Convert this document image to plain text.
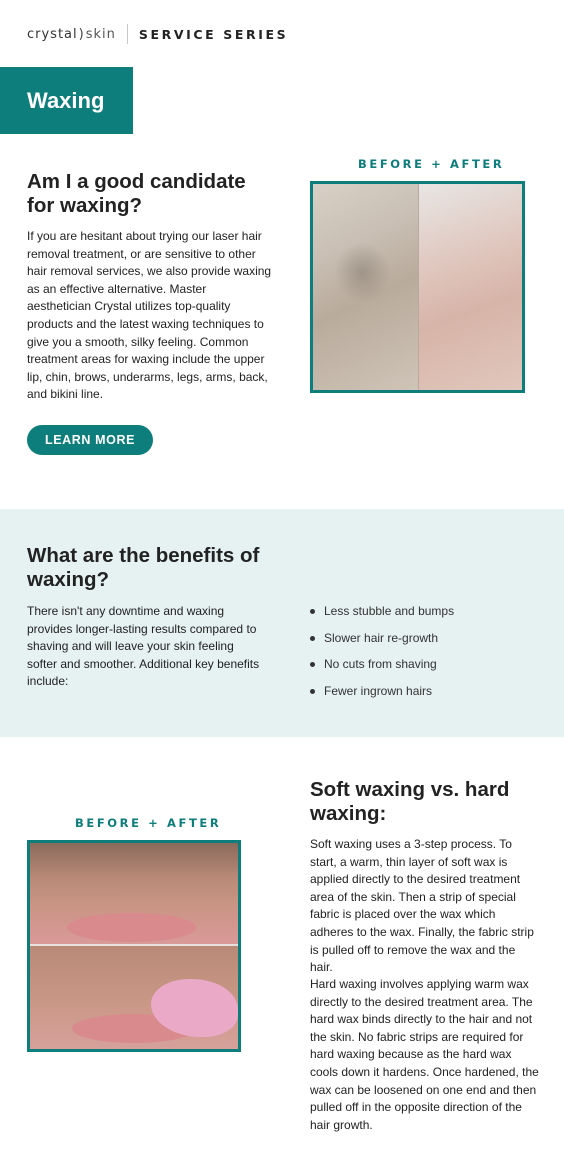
crystal)skin SERVICE SERIES
Waxing
Am I a good candidate for waxing?

If you are hesitant about trying our laser hair removal treatment, or are sensitive to other hair removal services, we also provide waxing as an effective alternative. Master aesthetician Crystal utilizes top-quality products and the latest waxing techniques to give you a smooth, silky feeling. Common treatment areas for waxing include the upper lip, chin, brows, underarms, legs, arms, back, and bikini line.

LEARN MORE
BEFORE + AFTER
What are the benefits of waxing?

There isn't any downtime and waxing provides longer-lasting results compared to shaving and will leave your skin feeling softer and smoother. Additional key benefits include:

Less stubble and bumps
Slower hair re-growth
No cuts from shaving
Fewer ingrown hairs
BEFORE + AFTER
Soft waxing vs. hard waxing:

Soft waxing uses a 3-step process. To start, a warm, thin layer of soft wax is applied directly to the desired treatment area of the skin. Then a strip of special fabric is placed over the wax which adheres to the wax. Finally, the fabric strip is pulled off to remove the wax and the hair.

Hard waxing involves applying warm wax directly to the desired treatment area. The hard wax binds directly to the hair and not the skin. No fabric strips are required for hard waxing because as the hard wax cools down it hardens. Once hardened, the wax can be loosened on one end and then pulled off in the opposite direction of the hair growth.
